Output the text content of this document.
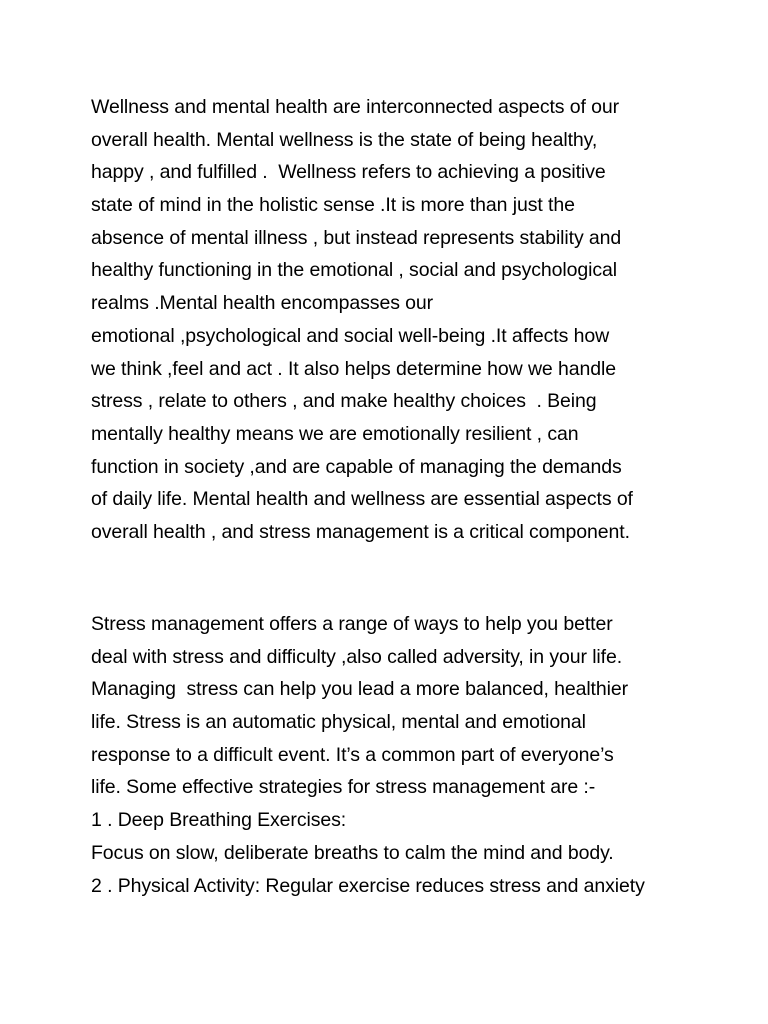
Wellness and mental health are interconnected aspects of our
overall health. Mental wellness is the state of being healthy,
happy , and fulfilled .  Wellness refers to achieving a positive
state of mind in the holistic sense .It is more than just the
absence of mental illness , but instead represents stability and
healthy functioning in the emotional , social and psychological
realms .Mental health encompasses our
emotional ,psychological and social well-being .It affects how
we think ,feel and act . It also helps determine how we handle
stress , relate to others , and make healthy choices  . Being
mentally healthy means we are emotionally resilient , can
function in society ,and are capable of managing the demands
of daily life. Mental health and wellness are essential aspects of
overall health , and stress management is a critical component.
Stress management offers a range of ways to help you better
deal with stress and difficulty ,also called adversity, in your life.
Managing  stress can help you lead a more balanced, healthier
life. Stress is an automatic physical, mental and emotional
response to a difficult event. It’s a common part of everyone’s
life. Some effective strategies for stress management are :-
1 . Deep Breathing Exercises:
Focus on slow, deliberate breaths to calm the mind and body.
2 . Physical Activity: Regular exercise reduces stress and anxiety
